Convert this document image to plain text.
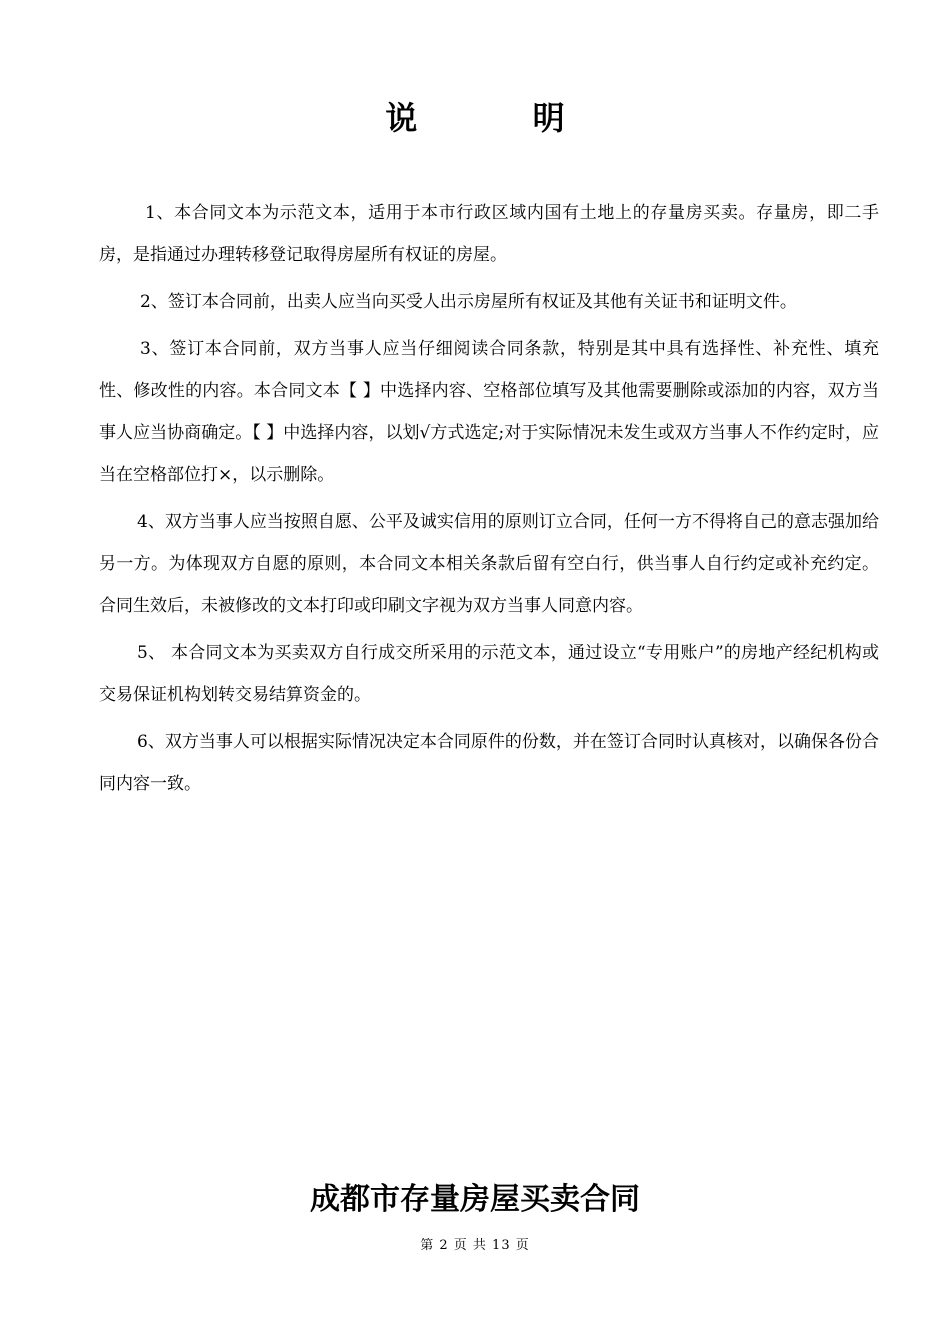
说 明

1、本合同文本为示范文本，适用于本市行政区域内国有土地上的存量房买卖。存量房，即二手房，是指通过办理转移登记取得房屋所有权证的房屋。

2、签订本合同前，出卖人应当向买受人出示房屋所有权证及其他有关证书和证明文件。

3、签订本合同前，双方当事人应当仔细阅读合同条款，特别是其中具有选择性、补充性、填充性、修改性的内容。本合同文本【 】中选择内容、空格部位填写及其他需要删除或添加的内容，双方当事人应当协商确定。【 】中选择内容，以划√方式选定;对于实际情况未发生或双方当事人不作约定时，应当在空格部位打×，以示删除。

4、双方当事人应当按照自愿、公平及诚实信用的原则订立合同，任何一方不得将自己的意志强加给另一方。为体现双方自愿的原则，本合同文本相关条款后留有空白行，供当事人自行约定或补充约定。合同生效后，未被修改的文本打印或印刷文字视为双方当事人同意内容。

5、 本合同文本为买卖双方自行成交所采用的示范文本，通过设立“专用账户”的房地产经纪机构或交易保证机构划转交易结算资金的。

6、双方当事人可以根据实际情况决定本合同原件的份数，并在签订合同时认真核对，以确保各份合同内容一致。

成都市存量房屋买卖合同
第 2 页 共 13 页
